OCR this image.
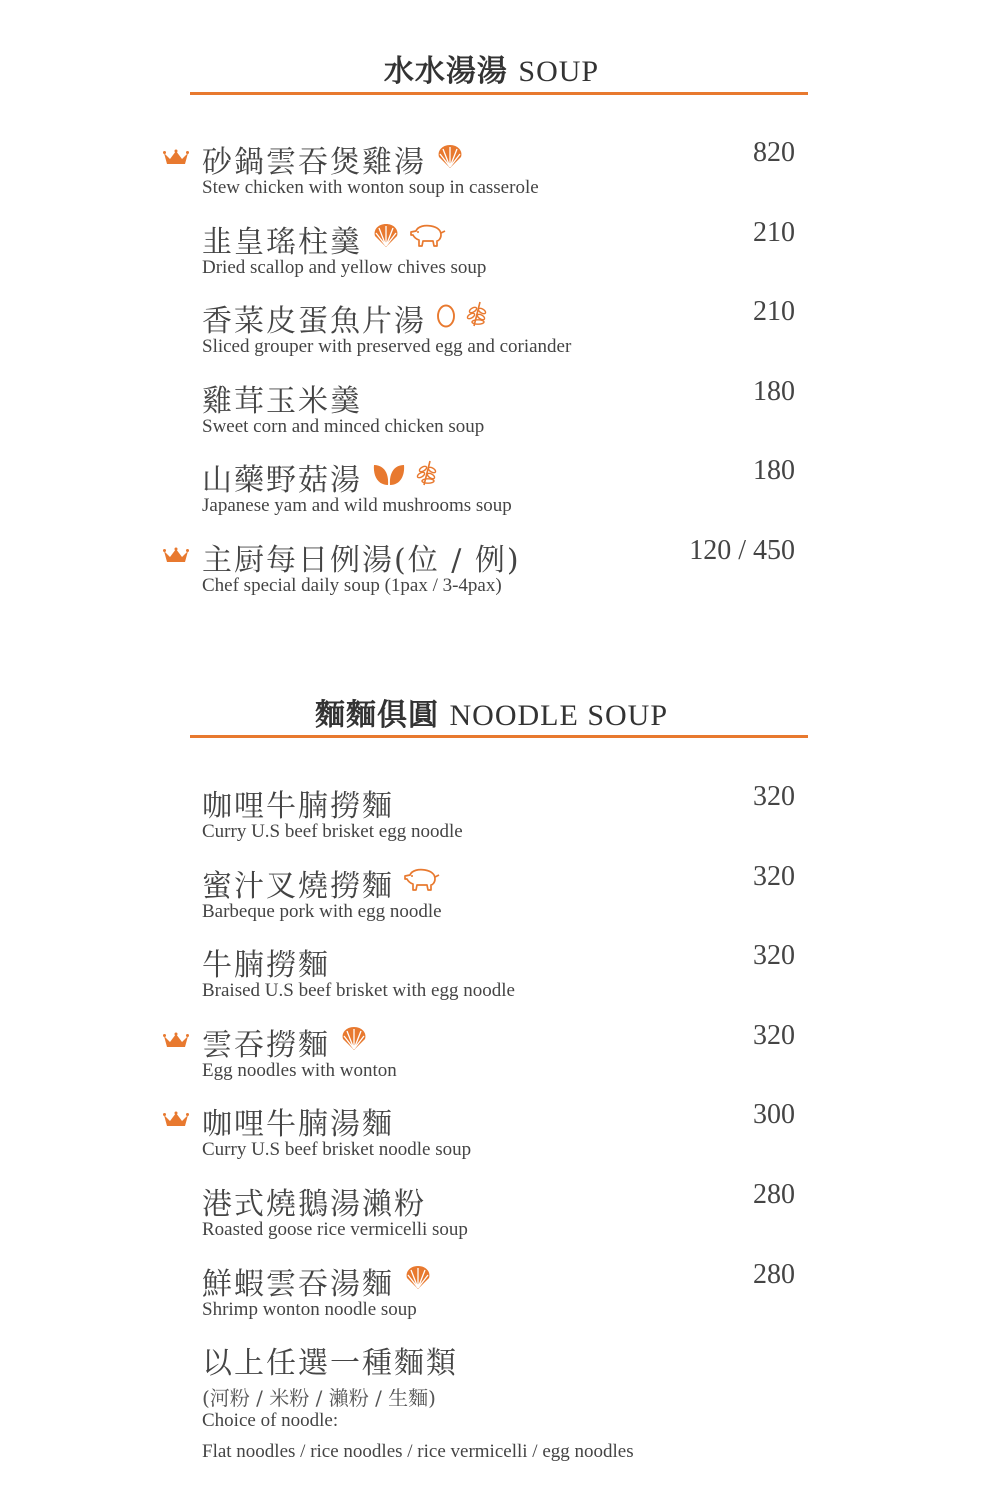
水水湯湯 SOUP
砂鍋雲吞煲雞湯
Stew chicken with wonton soup in casserole
820
韭皇瑤柱羹
Dried scallop and yellow chives soup
210
香菜皮蛋魚片湯
Sliced grouper with preserved egg and coriander
210
雞茸玉米羹
Sweet corn and minced chicken soup
180
山藥野菇湯
Japanese yam and wild mushrooms soup
180
主厨每日例湯(位 / 例)
Chef special daily soup (1pax / 3-4pax)
120 / 450
麵麵俱圓 NOODLE SOUP
咖哩牛腩撈麵
Curry U.S beef brisket egg noodle
320
蜜汁叉燒撈麵
Barbeque pork with egg noodle
320
牛腩撈麵
Braised U.S beef brisket with egg noodle
320
雲吞撈麵
Egg noodles with wonton
320
咖哩牛腩湯麵
Curry U.S beef brisket noodle soup
300
港式燒鵝湯瀨粉
Roasted goose rice vermicelli soup
280
鮮蝦雲吞湯麵
Shrimp wonton noodle soup
280
以上任選一種麵類
(河粉 / 米粉 / 瀨粉 / 生麵)
Choice of noodle:
Flat noodles / rice noodles / rice vermicelli / egg noodles
